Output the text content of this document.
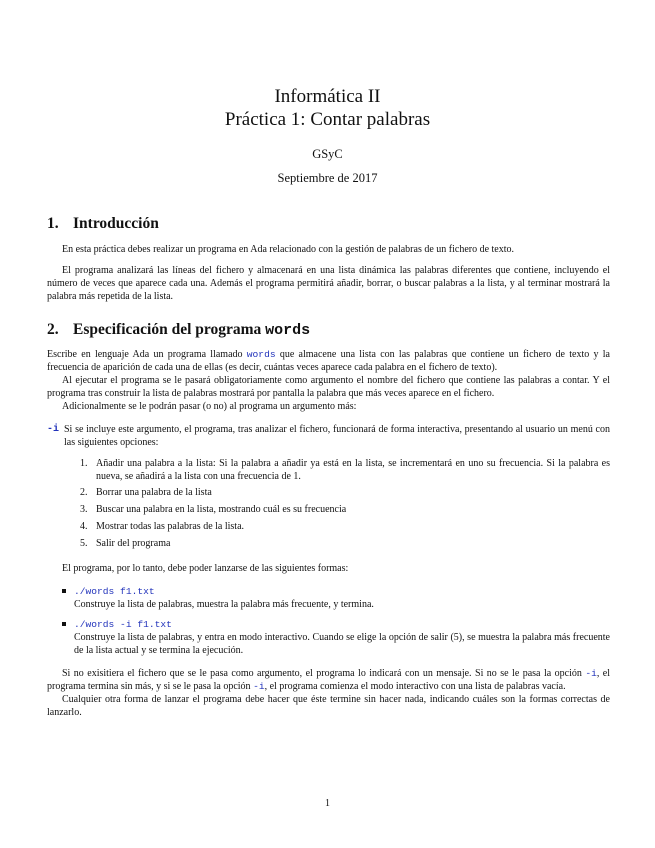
Informática II
Práctica 1: Contar palabras
GSyC
Septiembre de 2017
1. Introducción

En esta práctica debes realizar un programa en Ada relacionado con la gestión de palabras de un fichero de texto.

El programa analizará las líneas del fichero y almacenará en una lista dinámica las palabras diferentes que contiene, incluyendo el número de veces que aparece cada una. Además el programa permitirá añadir, borrar, o buscar palabras a la lista, y al terminar mostrará la palabra más repetida de la lista.

2. Especificación del programa words

Escribe en lenguaje Ada un programa llamado words que almacene una lista con las palabras que contiene un fichero de texto y la frecuencia de aparición de cada una de ellas (es decir, cuántas veces aparece cada palabra en el fichero de texto).

Al ejecutar el programa se le pasará obligatoriamente como argumento el nombre del fichero que contiene las palabras a contar. Y el programa tras construir la lista de palabras mostrará por pantalla la palabra que más veces aparece en el fichero.

Adicionalmente se le podrán pasar (o no) al programa un argumento más:

-i Si se incluye este argumento, el programa, tras analizar el fichero, funcionará de forma interactiva, presentando al usuario un menú con las siguientes opciones:
1. Añadir una palabra a la lista: Si la palabra a añadir ya está en la lista, se incrementará en uno su frecuencia. Si la palabra es nueva, se añadirá a la lista con una frecuencia de 1.
2. Borrar una palabra de la lista
3. Buscar una palabra en la lista, mostrando cuál es su frecuencia
4. Mostrar todas las palabras de la lista.
5. Salir del programa

El programa, por lo tanto, debe poder lanzarse de las siguientes formas:

./words f1.txt
Construye la lista de palabras, muestra la palabra más frecuente, y termina.
./words -i f1.txt
Construye la lista de palabras, y entra en modo interactivo. Cuando se elige la opción de salir (5), se muestra la palabra más frecuente de la lista actual y se termina la ejecución.

Si no exisitiera el fichero que se le pasa como argumento, el programa lo indicará con un mensaje. Si no se le pasa la opción -i, el programa termina sin más, y si se le pasa la opción -i, el programa comienza el modo interactivo con una lista de palabras vacía.

Cualquier otra forma de lanzar el programa debe hacer que éste termine sin hacer nada, indicando cuáles son la formas correctas de lanzarlo.

1
